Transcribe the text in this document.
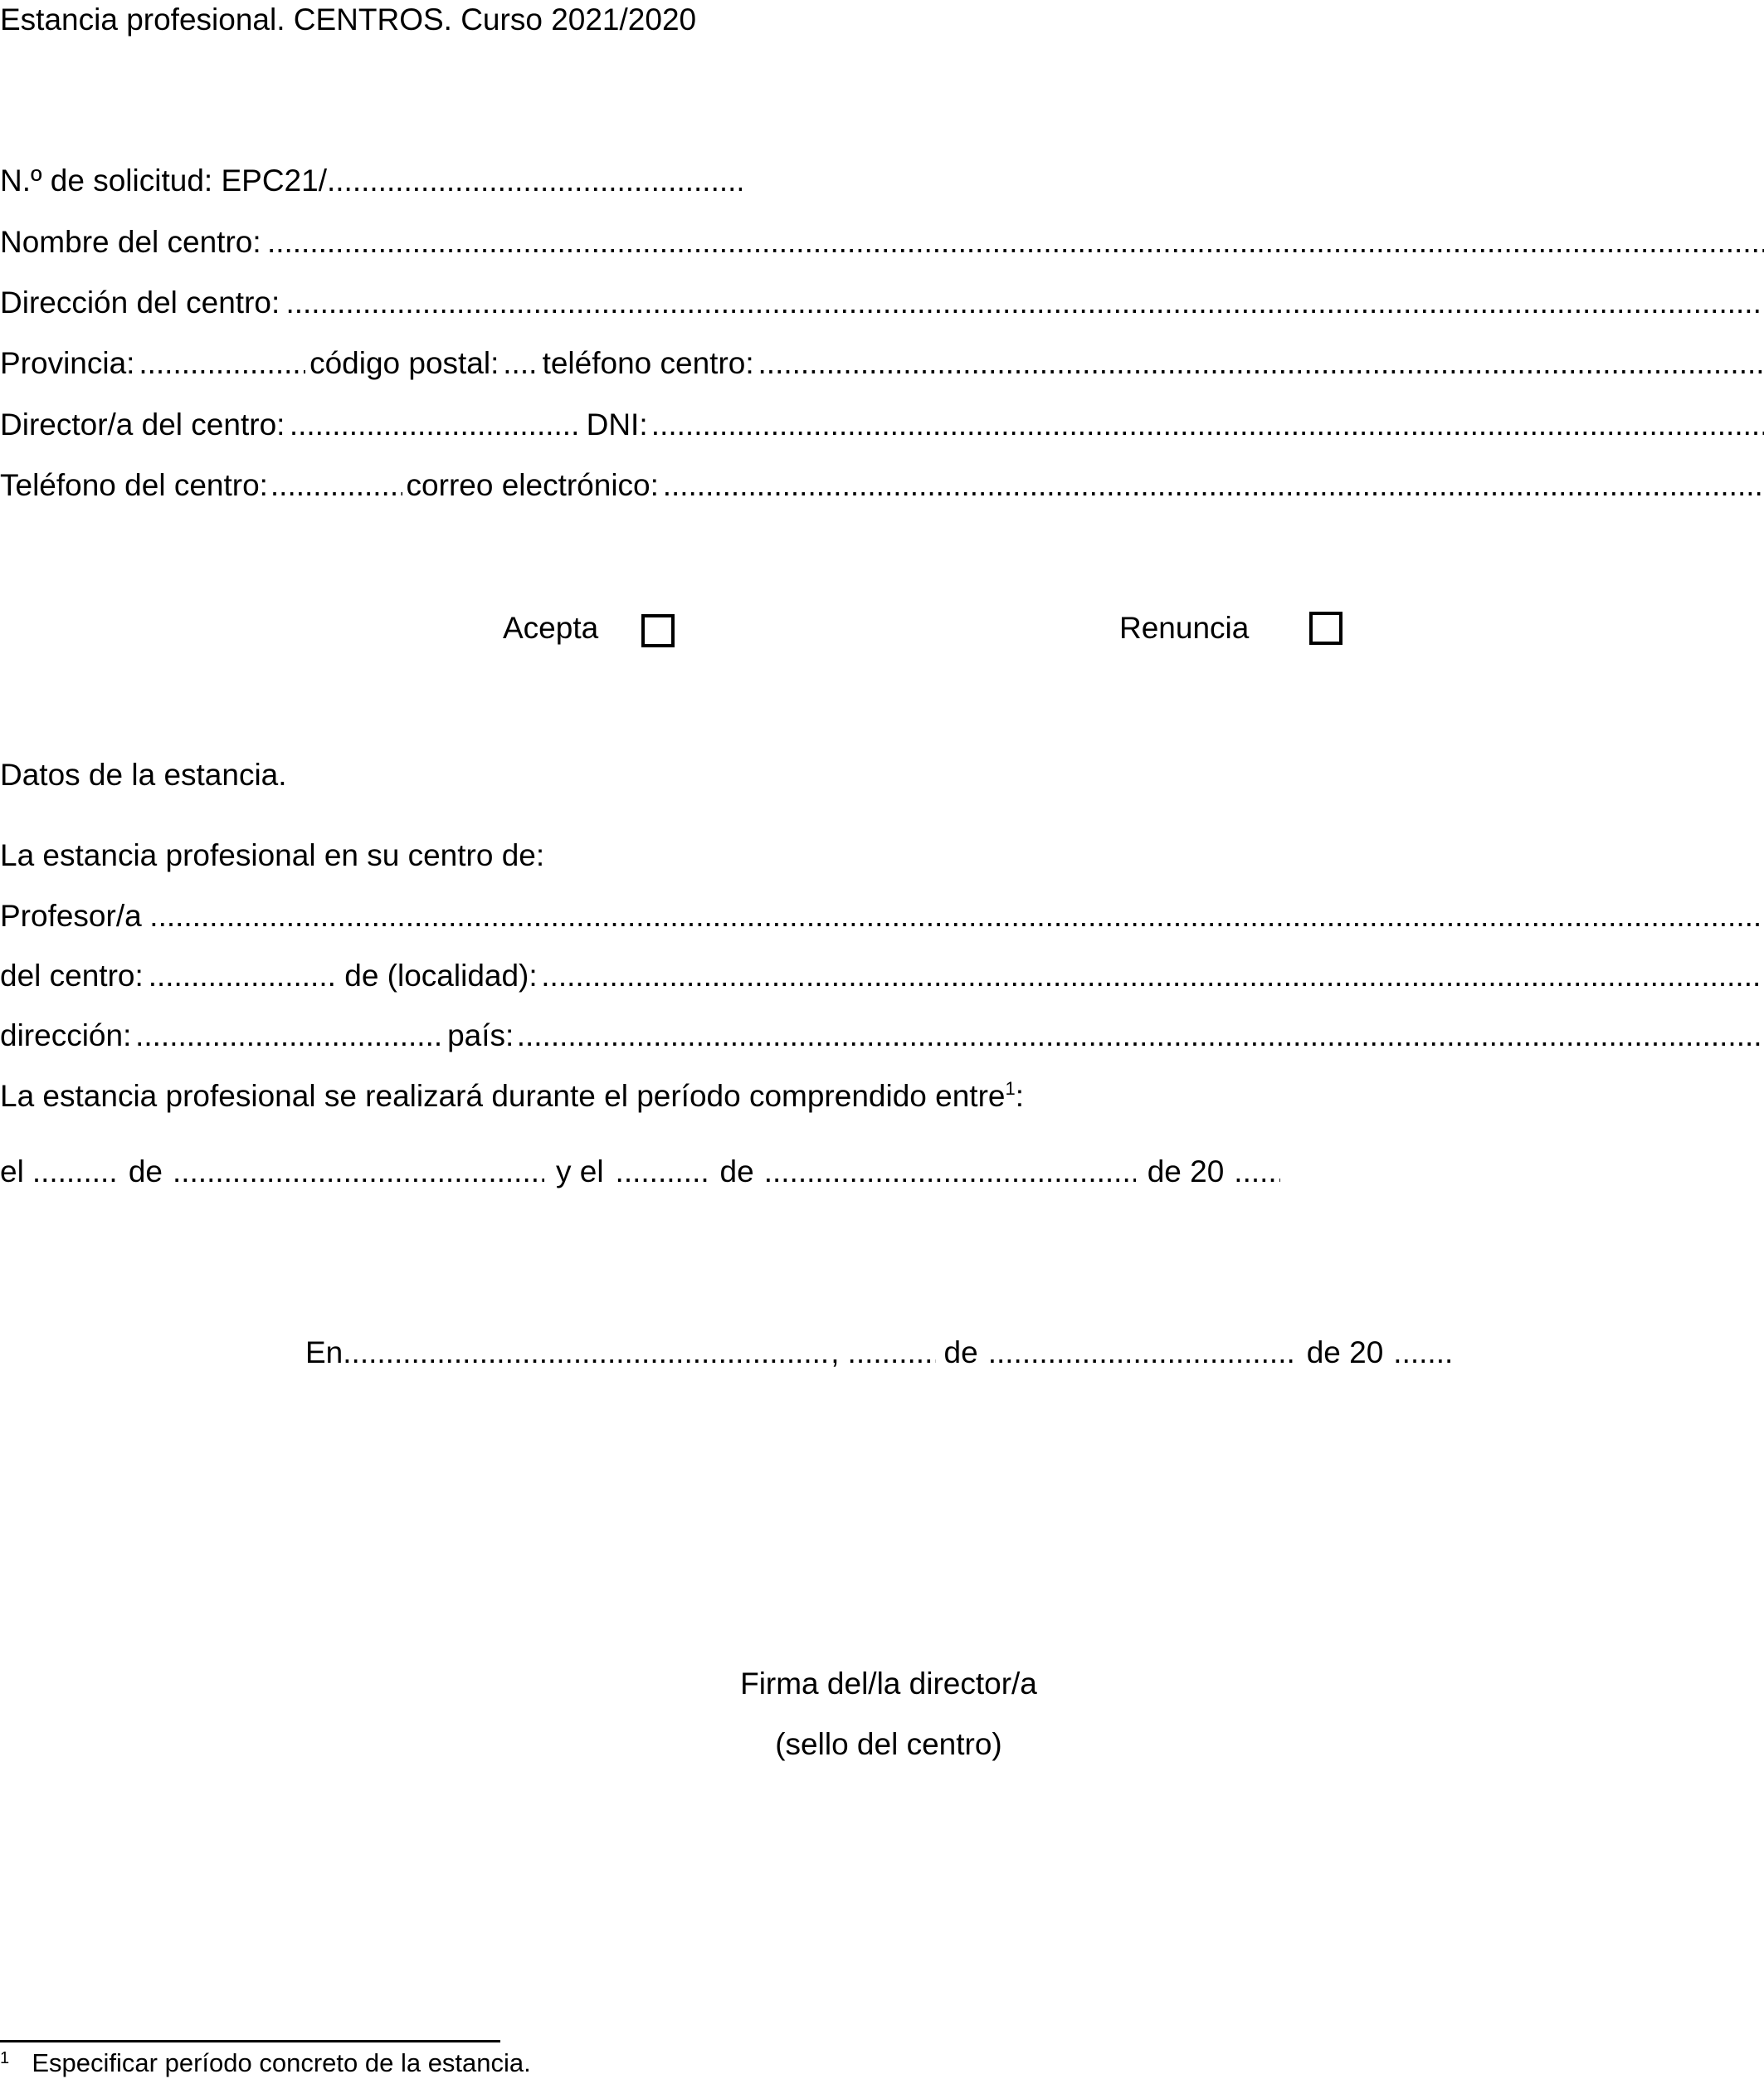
Estancia profesional. CENTROS. Curso 2021/2020
N.º de solicitud: EPC21/
.....
Nombre del centro:
.....
Dirección del centro:
.....
Provincia: .....	código postal: ..... teléfono centro:
.....
Director/a del centro: .....	DNI:
.....
Teléfono del centro: .....	correo electrónico:
.....
Acepta	Renuncia
Datos de la estancia.
La estancia profesional en su centro de:
Profesor/a
.....
del centro: .....	de (localidad):
.....
dirección: .....	país:
.....
La estancia profesional se realizará durante el período comprendido entre$^1$:
el .....	de .....	y el .....	de .....	de 20
.....
En .....	, .....	de .....	de 20
.....
Firma del/la director/a
(sello del centro)
$^1$ Especificar período concreto de la estancia.
